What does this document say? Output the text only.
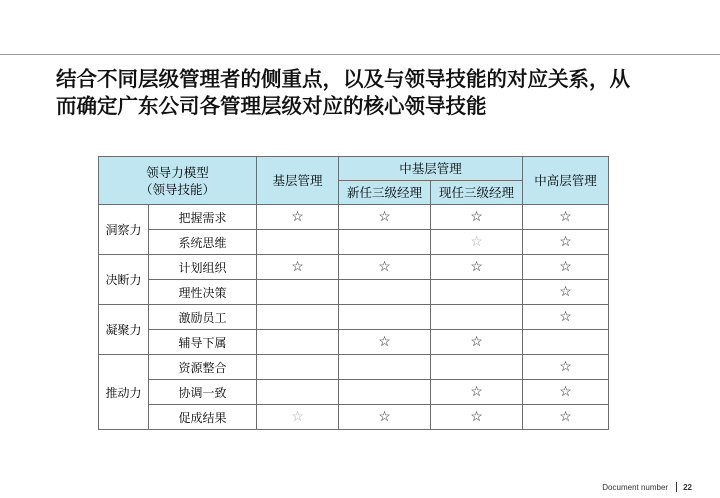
结合不同层级管理者的侧重点，以及与领导技能的对应关系，从
而确定广东公司各管理层级对应的核心领导技能
领导力模型
（领导技能）		基层管理	中基层管理		中高层管理
			新任三级经理	现任三级经理	
洞察力	把握需求	☆	☆	☆	☆
	系统思维			☆	☆
决断力	计划组织	☆	☆	☆	☆
	理性决策				☆
凝聚力	激励员工				☆
	辅导下属		☆	☆	
推动力	资源整合				☆
	协调一致			☆	☆
	促成结果	☆	☆	☆	☆
Document number 22
